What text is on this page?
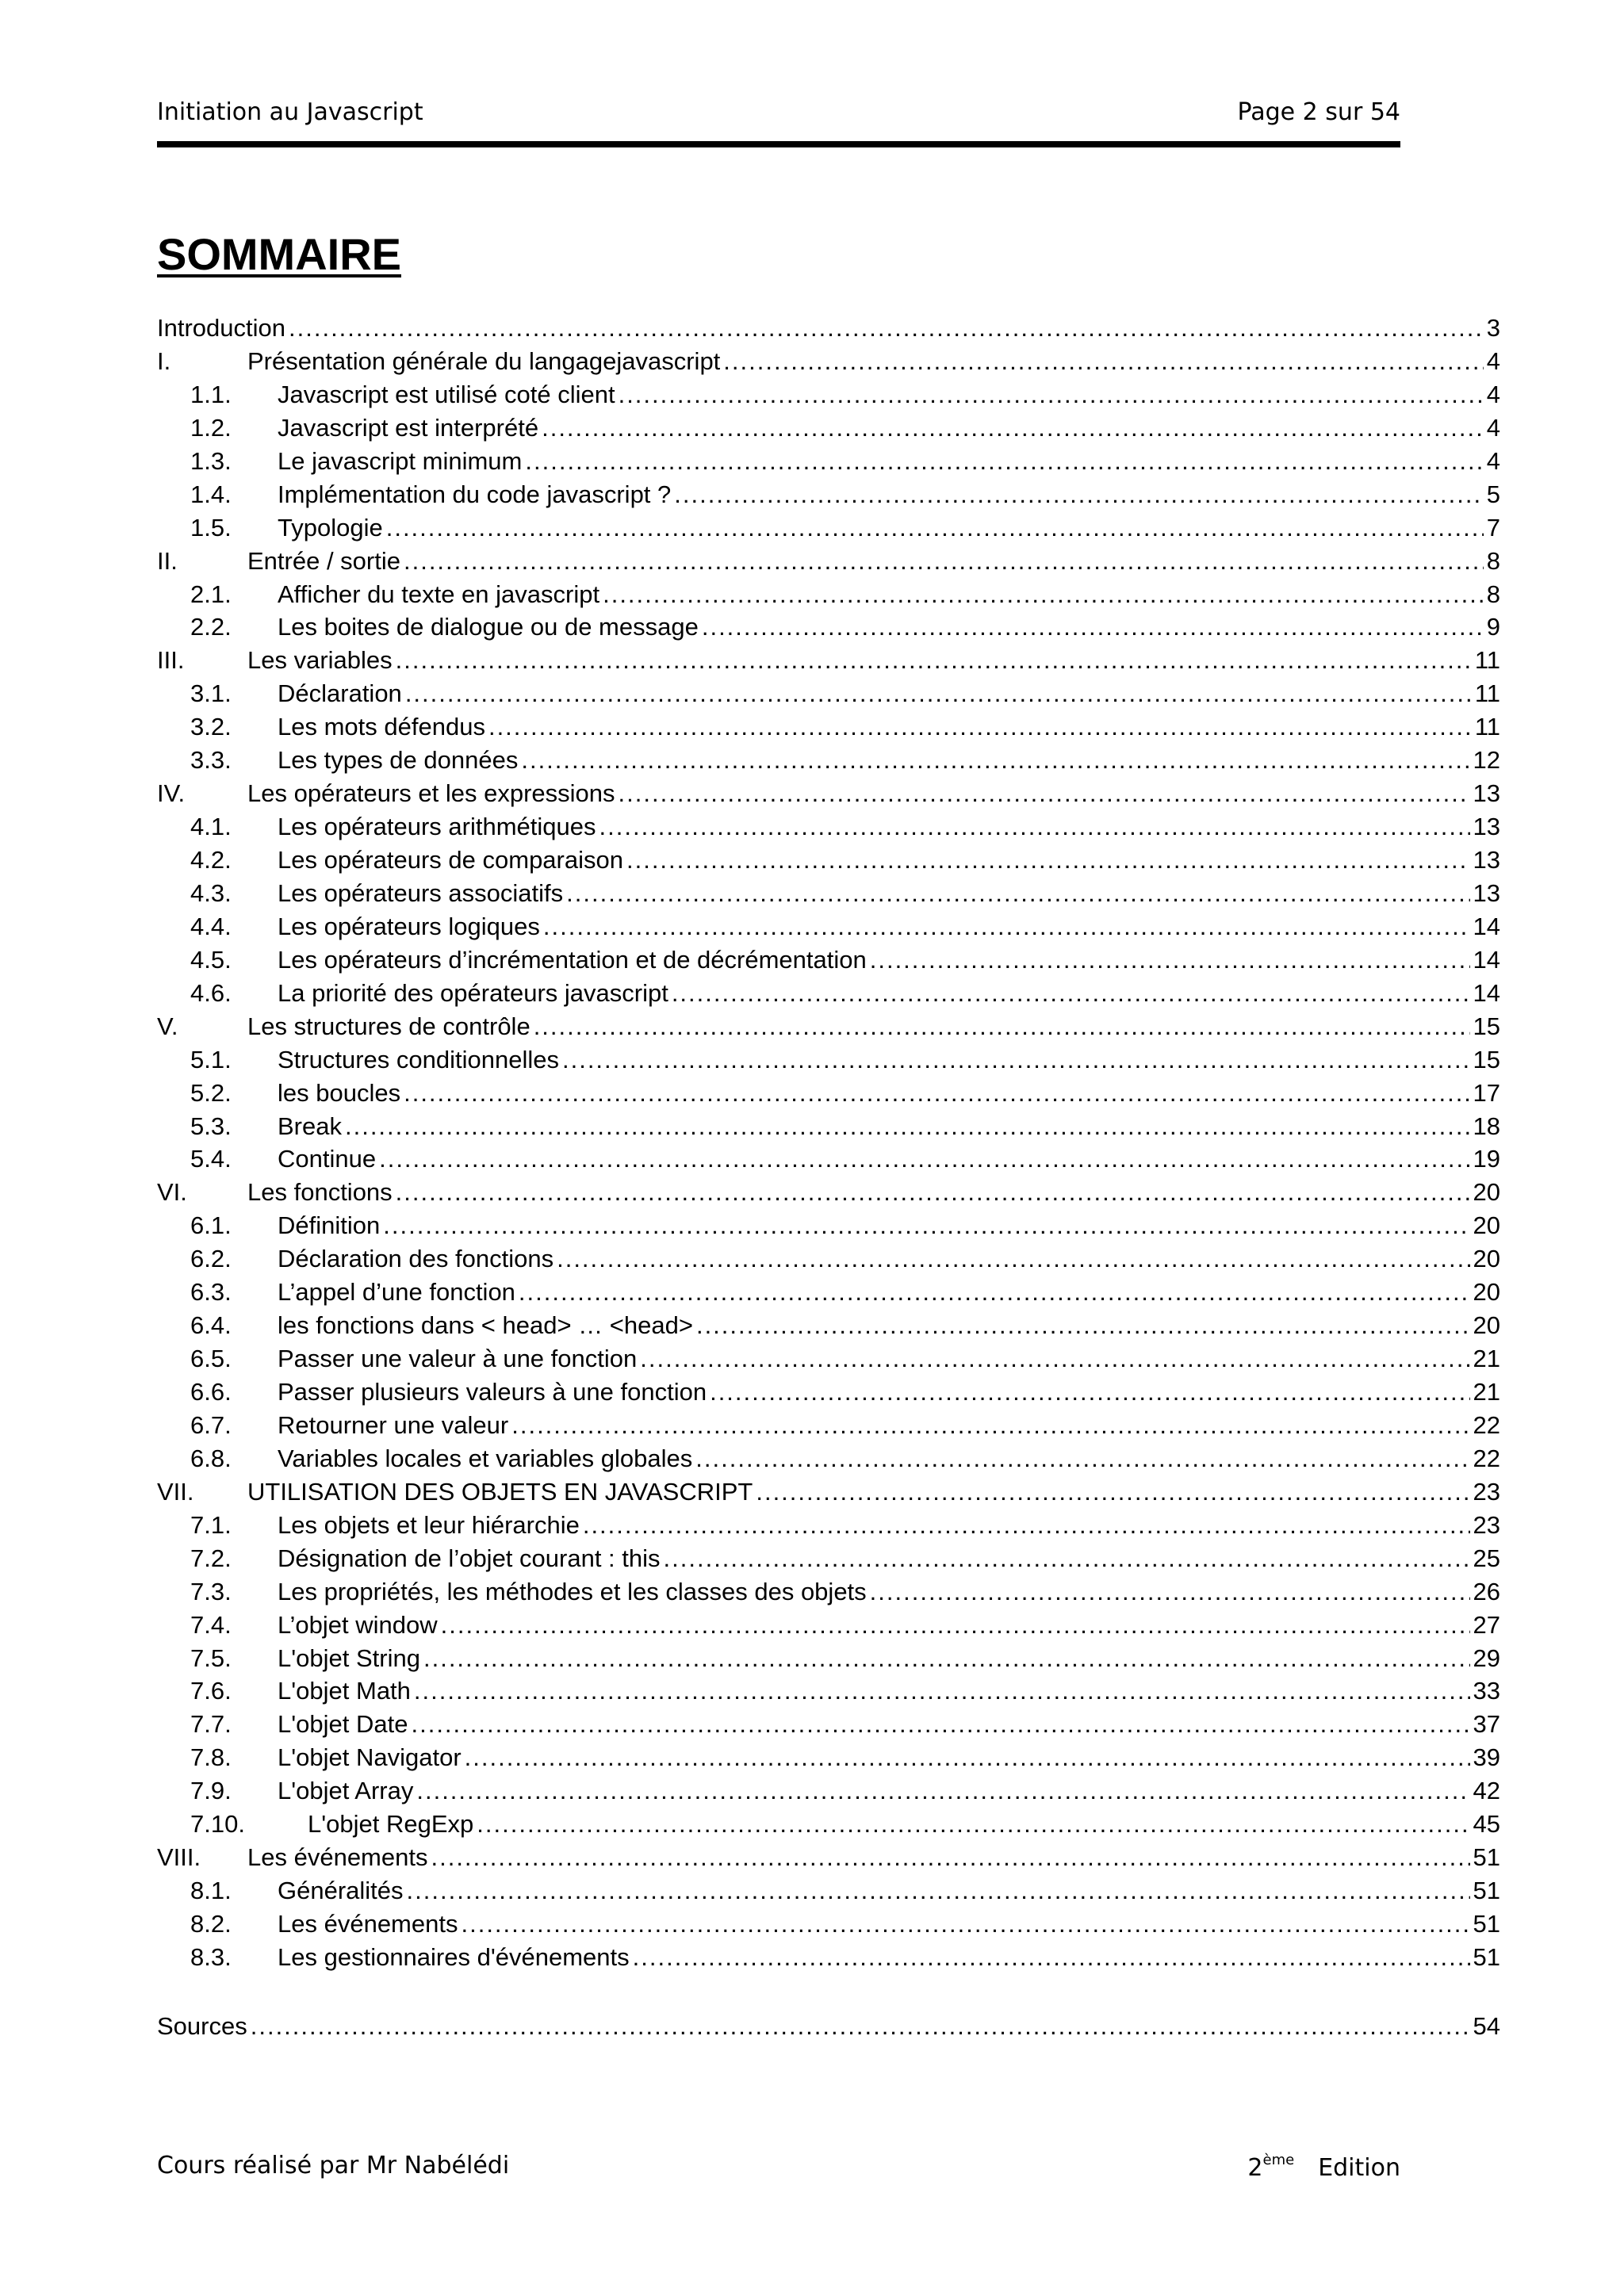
Initiation au Javascript	Page 2 sur 54
SOMMAIRE
Introduction .....	3
I.	Présentation générale du langagejavascript .....	4
1.1.	Javascript est utilisé coté client .....	4
1.2.	Javascript est interprété .....	4
1.3.	Le javascript minimum .....	4
1.4.	Implémentation du code javascript ? .....	5
1.5.	Typologie .....	7
II.	Entrée / sortie .....	8
2.1.	Afficher du texte en javascript .....	8
2.2.	Les boites de dialogue ou de message .....	9
III.	Les variables .....	11
3.1.	Déclaration .....	11
3.2.	Les mots défendus .....	11
3.3.	Les types de données .....	12
IV.	Les opérateurs et les expressions .....	13
4.1.	Les opérateurs arithmétiques .....	13
4.2.	Les opérateurs de comparaison .....	13
4.3.	Les opérateurs associatifs .....	13
4.4.	Les opérateurs logiques .....	14
4.5.	Les opérateurs d’incrémentation et de décrémentation .....	14
4.6.	La priorité des opérateurs javascript .....	14
V.	Les structures de contrôle .....	15
5.1.	Structures conditionnelles .....	15
5.2.	les boucles .....	17
5.3.	Break .....	18
5.4.	Continue .....	19
VI.	Les fonctions .....	20
6.1.	Définition .....	20
6.2.	Déclaration des fonctions .....	20
6.3.	L’appel d’une fonction .....	20
6.4.	les fonctions dans < head> … <head> .....	20
6.5.	Passer une valeur à une fonction .....	21
6.6.	Passer plusieurs valeurs à une fonction .....	21
6.7.	Retourner une valeur .....	22
6.8.	Variables locales et variables globales .....	22
VII.	UTILISATION DES OBJETS EN JAVASCRIPT .....	23
7.1.	Les objets et leur hiérarchie .....	23
7.2.	Désignation de l’objet courant : this .....	25
7.3.	Les propriétés, les méthodes et les classes des objets .....	26
7.4.	L’objet window .....	27
7.5.	L'objet String .....	29
7.6.	L'objet Math .....	33
7.7.	L'objet Date .....	37
7.8.	L'objet Navigator .....	39
7.9.	L'objet Array .....	42
7.10.	L'objet RegExp .....	45
VIII.	Les événements .....	51
8.1.	Généralités .....	51
8.2.	Les événements .....	51
8.3.	Les gestionnaires d'événements .....	51
Sources .....	54
Cours réalisé par Mr Nabélédi	2ème Edition
